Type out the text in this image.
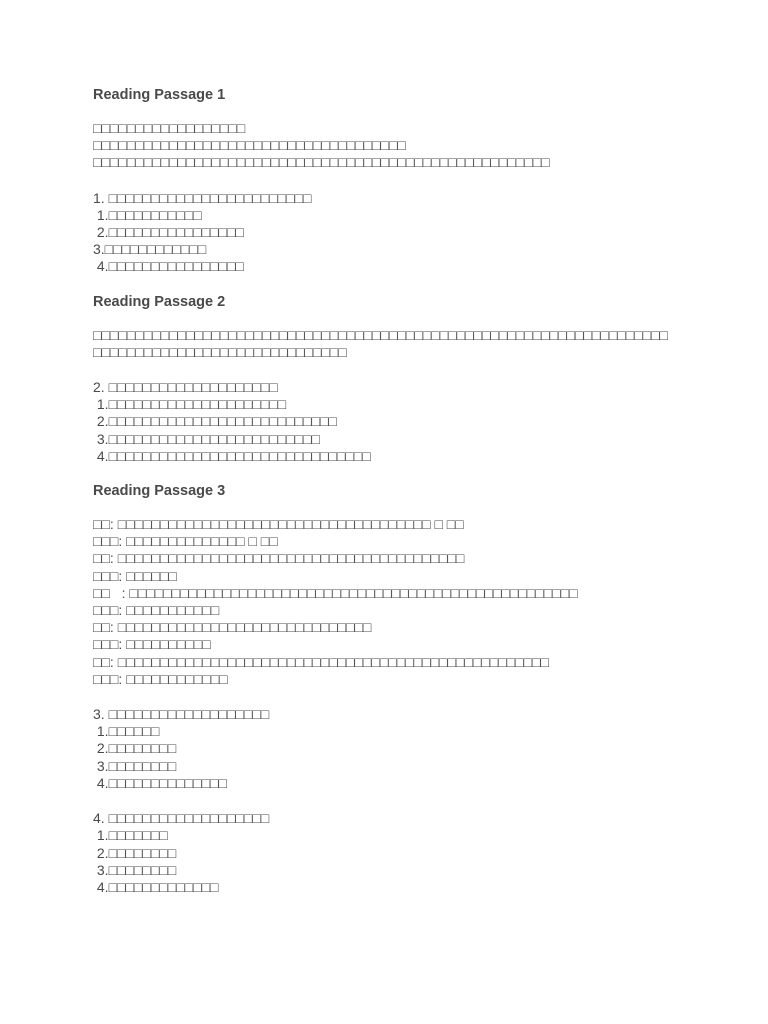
Reading Passage 1
□□□□□□□□□□□□□□□□□□
□□□□□□□□□□□□□□□□□□□□□□□□□□□□□□□□□□□□□
□□□□□□□□□□□□□□□□□□□□□□□□□□□□□□□□□□□□□□□□□□□□□□□□□□□□□□
1. □□□□□□□□□□□□□□□□□□□□□□□□
1.□□□□□□□□□□□
2.□□□□□□□□□□□□□□□□
3.□□□□□□□□□□□□
4.□□□□□□□□□□□□□□□□
Reading Passage 2
□□□□□□□□□□□□□□□□□□□□□□□□□□□□□□□□□□□□□□□□□□□□□□□□□□□□□□□□□□□□□□□□□□□□□□□□□□□□□□□□□□□□□□□□□□□□□□□□□□
2. □□□□□□□□□□□□□□□□□□□□
1.□□□□□□□□□□□□□□□□□□□□□
2.□□□□□□□□□□□□□□□□□□□□□□□□□□□
3.□□□□□□□□□□□□□□□□□□□□□□□□□
4.□□□□□□□□□□□□□□□□□□□□□□□□□□□□□□□
Reading Passage 3
□□: □□□□□□□□□□□□□□□□□□□□□□□□□□□□□□□□□□□□□ □ □□
□□□: □□□□□□□□□□□□□□ □ □□
□□: □□□□□□□□□□□□□□□□□□□□□□□□□□□□□□□□□□□□□□□□□
□□□: □□□□□□
□□   : □□□□□□□□□□□□□□□□□□□□□□□□□□□□□□□□□□□□□□□□□□□□□□□□□□□□□
□□□: □□□□□□□□□□□
□□: □□□□□□□□□□□□□□□□□□□□□□□□□□□□□□
□□□: □□□□□□□□□□
□□: □□□□□□□□□□□□□□□□□□□□□□□□□□□□□□□□□□□□□□□□□□□□□□□□□□□
□□□: □□□□□□□□□□□□
3. □□□□□□□□□□□□□□□□□□□
1.□□□□□□
2.□□□□□□□□
3.□□□□□□□□
4.□□□□□□□□□□□□□□
4. □□□□□□□□□□□□□□□□□□□
1.□□□□□□□
2.□□□□□□□□
3.□□□□□□□□
4.□□□□□□□□□□□□□
